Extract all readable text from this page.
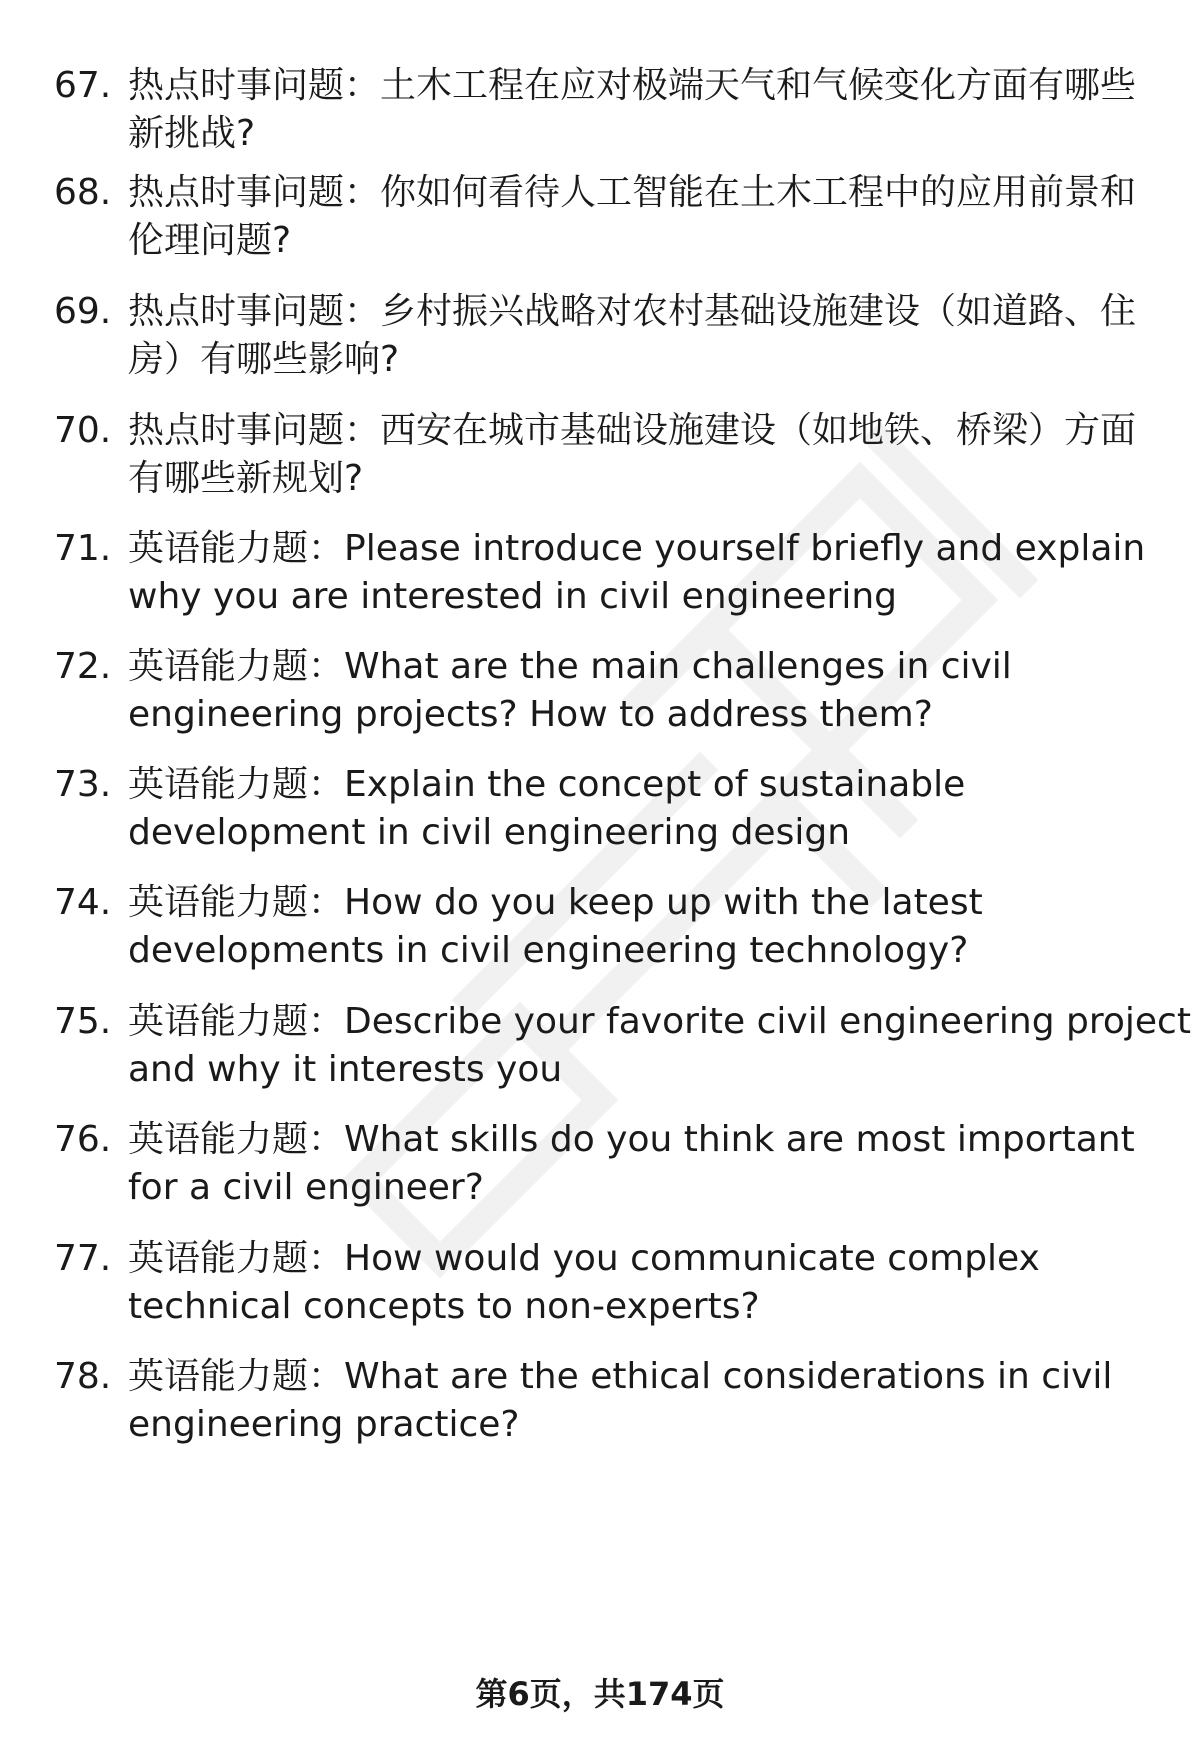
67. 热点时事问题：土木工程在应对极端天气和气候变化方面有哪些
新挑战?
68. 热点时事问题：你如何看待人工智能在土木工程中的应用前景和
伦理问题?
69. 热点时事问题：乡村振兴战略对农村基础设施建设（如道路、住
房）有哪些影响?
70. 热点时事问题：西安在城市基础设施建设（如地铁、桥梁）方面
有哪些新规划?
71. 英语能力题：Please introduce yourself briefly and explain
why you are interested in civil engineering
72. 英语能力题：What are the main challenges in civil
engineering projects? How to address them?
73. 英语能力题：Explain the concept of sustainable
development in civil engineering design
74. 英语能力题：How do you keep up with the latest
developments in civil engineering technology?
75. 英语能力题：Describe your favorite civil engineering project
and why it interests you
76. 英语能力题：What skills do you think are most important
for a civil engineer?
77. 英语能力题：How would you communicate complex
technical concepts to non-experts?
78. 英语能力题：What are the ethical considerations in civil
engineering practice?
第6页，共174页
